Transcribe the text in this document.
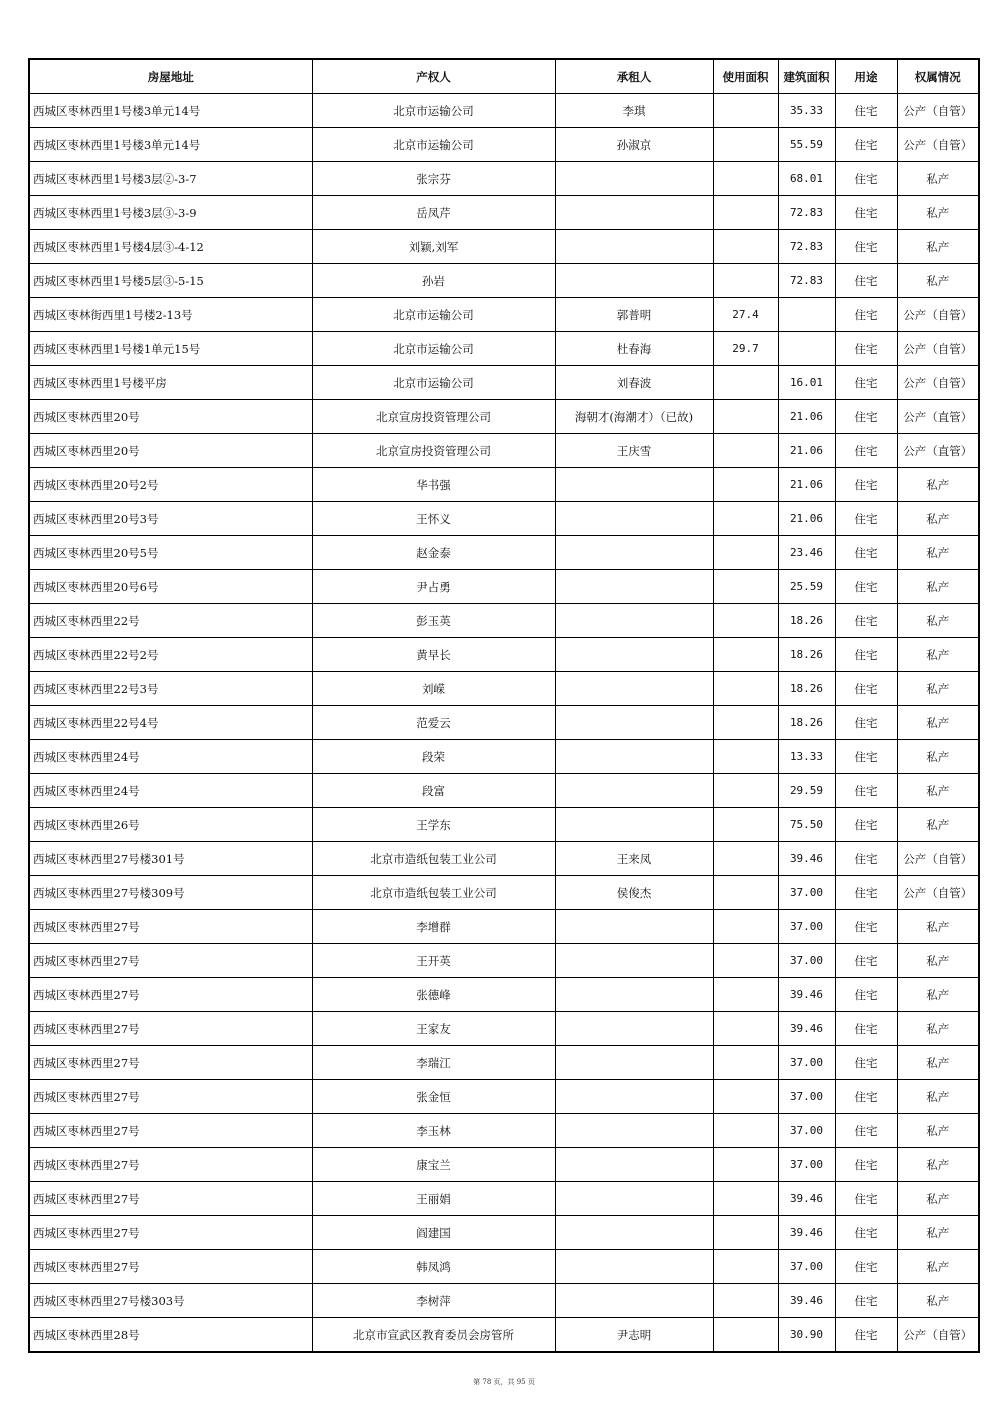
房屋地址	产权人	承租人	使用面积	建筑面积	用途	权属情况
西城区枣林西里1号楼3单元14号	北京市运输公司	李琪		35.33	住宅	公产（自管）
西城区枣林西里1号楼3单元14号	北京市运输公司	孙淑京		55.59	住宅	公产（自管）
西城区枣林西里1号楼3层②-3-7	张宗芬			68.01	住宅	私产
西城区枣林西里1号楼3层③-3-9	岳凤芹			72.83	住宅	私产
西城区枣林西里1号楼4层③-4-12	刘颖,刘军			72.83	住宅	私产
西城区枣林西里1号楼5层③-5-15	孙岩			72.83	住宅	私产
西城区枣林街西里1号楼2-13号	北京市运输公司	郭普明	27.4		住宅	公产（自管）
西城区枣林西里1号楼1单元15号	北京市运输公司	杜春海	29.7		住宅	公产（自管）
西城区枣林西里1号楼平房	北京市运输公司	刘春波		16.01	住宅	公产（自管）
西城区枣林西里20号	北京宣房投资管理公司	海朝才(海潮才）（已故)		21.06	住宅	公产（直管）
西城区枣林西里20号	北京宣房投资管理公司	王庆雪		21.06	住宅	公产（直管）
西城区枣林西里20号2号	华书强			21.06	住宅	私产
西城区枣林西里20号3号	王怀义			21.06	住宅	私产
西城区枣林西里20号5号	赵金泰			23.46	住宅	私产
西城区枣林西里20号6号	尹占勇			25.59	住宅	私产
西城区枣林西里22号	彭玉英			18.26	住宅	私产
西城区枣林西里22号2号	黄早长			18.26	住宅	私产
西城区枣林西里22号3号	刘嵘			18.26	住宅	私产
西城区枣林西里22号4号	范爱云			18.26	住宅	私产
西城区枣林西里24号	段荣			13.33	住宅	私产
西城区枣林西里24号	段富			29.59	住宅	私产
西城区枣林西里26号	王学东			75.50	住宅	私产
西城区枣林西里27号楼301号	北京市造纸包装工业公司	王来凤		39.46	住宅	公产（自管）
西城区枣林西里27号楼309号	北京市造纸包装工业公司	侯俊杰		37.00	住宅	公产（自管）
西城区枣林西里27号	李增群			37.00	住宅	私产
西城区枣林西里27号	王开英			37.00	住宅	私产
西城区枣林西里27号	张德峰			39.46	住宅	私产
西城区枣林西里27号	王家友			39.46	住宅	私产
西城区枣林西里27号	李瑞江			37.00	住宅	私产
西城区枣林西里27号	张金恒			37.00	住宅	私产
西城区枣林西里27号	李玉林			37.00	住宅	私产
西城区枣林西里27号	康宝兰			37.00	住宅	私产
西城区枣林西里27号	王丽娟			39.46	住宅	私产
西城区枣林西里27号	阎建国			39.46	住宅	私产
西城区枣林西里27号	韩凤鸿			37.00	住宅	私产
西城区枣林西里27号楼303号	李树萍			39.46	住宅	私产
西城区枣林西里28号	北京市宣武区教育委员会房管所	尹志明		30.90	住宅	公产（自管）
第 78 页，共 95 页
